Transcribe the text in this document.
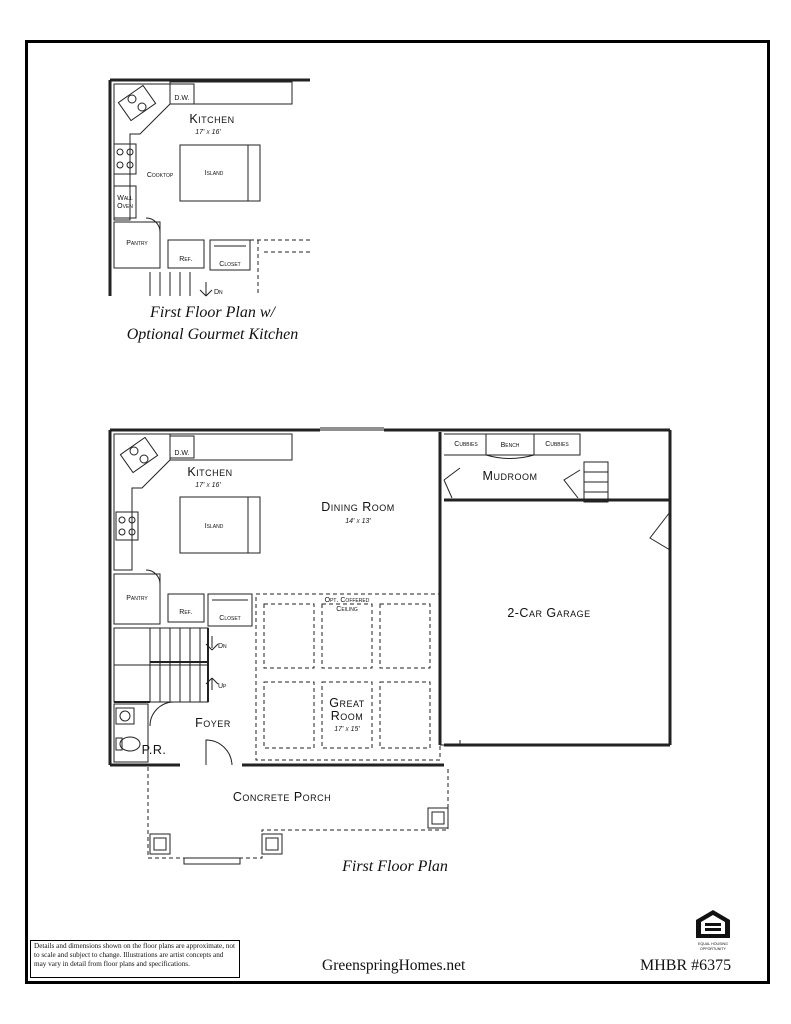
Kitchen
17' x 16'
D.W.
Cooktop	Island
Wall
Oven
Pantry
Ref.
Closet
Dn
Kitchen
17' x 16'
D.W.
Island
Pantry
Ref.
Closet
Dn
Up
Dining Room
14' x 13'
Opt. Coffered
Ceiling
Great
Room
17' x 15'
Foyer
P.R.
Concrete Porch
Cubbies	Bench	Cubbies
Mudroom
2-Car Garage
First Floor Plan w/
Optional Gourmet Kitchen
First Floor Plan
Details and dimensions shown on the floor plans are approximate, not to scale and subject to change. Illustrations are artist concepts and may vary in detail from floor plans and specifications.	GreenspringHomes.net	MHBR #6375
EQUAL HOUSING
OPPORTUNITY
